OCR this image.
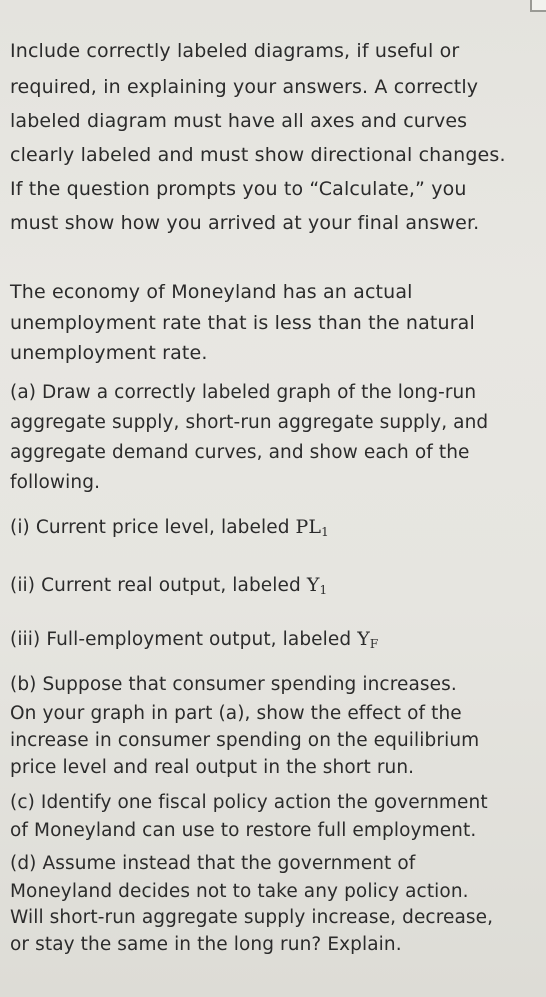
Include correctly labeled diagrams, if useful or
required, in explaining your answers. A correctly
labeled diagram must have all axes and curves
clearly labeled and must show directional changes.
If the question prompts you to “Calculate,” you
must show how you arrived at your final answer.
The economy of Moneyland has an actual
unemployment rate that is less than the natural
unemployment rate.
(a) Draw a correctly labeled graph of the long-run
aggregate supply, short-run aggregate supply, and
aggregate demand curves, and show each of the
following.
(i) Current price level, labeled $PL_1$
(ii) Current real output, labeled $Y_1$
(iii) Full-employment output, labeled $Y_F$
(b) Suppose that consumer spending increases.
On your graph in part (a), show the effect of the
increase in consumer spending on the equilibrium
price level and real output in the short run.
(c) Identify one fiscal policy action the government
of Moneyland can use to restore full employment.
(d) Assume instead that the government of
Moneyland decides not to take any policy action.
Will short-run aggregate supply increase, decrease,
or stay the same in the long run? Explain.
